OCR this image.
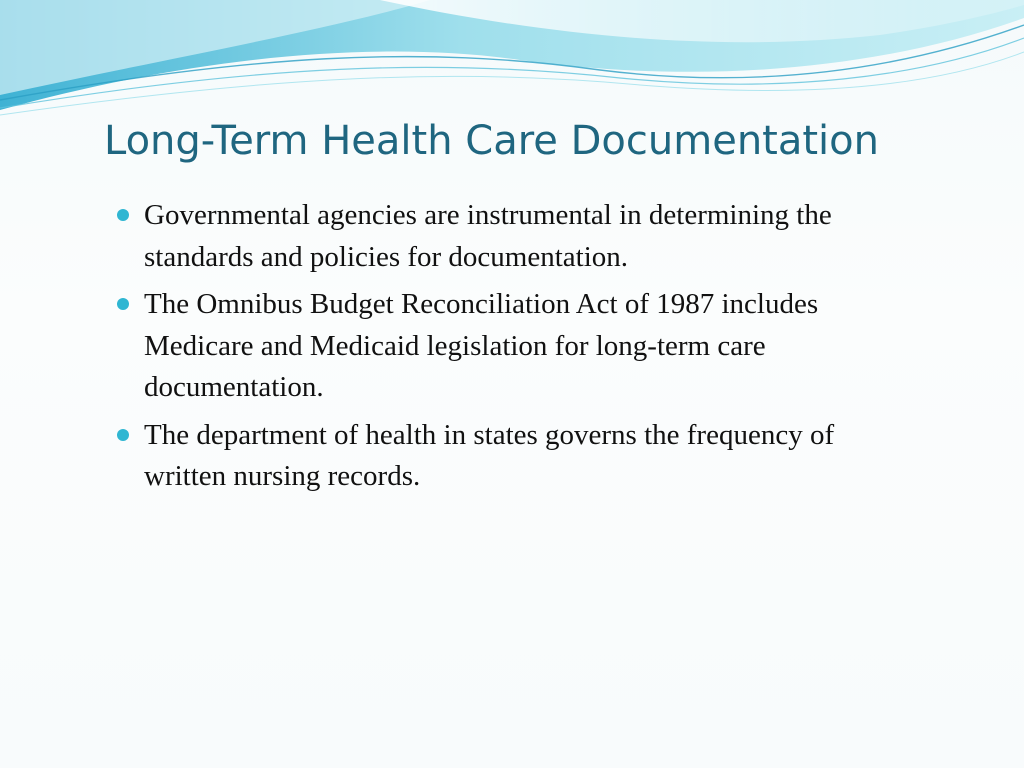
Long-Term Health Care Documentation
Governmental agencies are instrumental in determining the standards and policies for documentation.
The Omnibus Budget Reconciliation Act of 1987 includes Medicare and Medicaid legislation for long-term care documentation.
The department of health in states governs the frequency of written nursing records.
